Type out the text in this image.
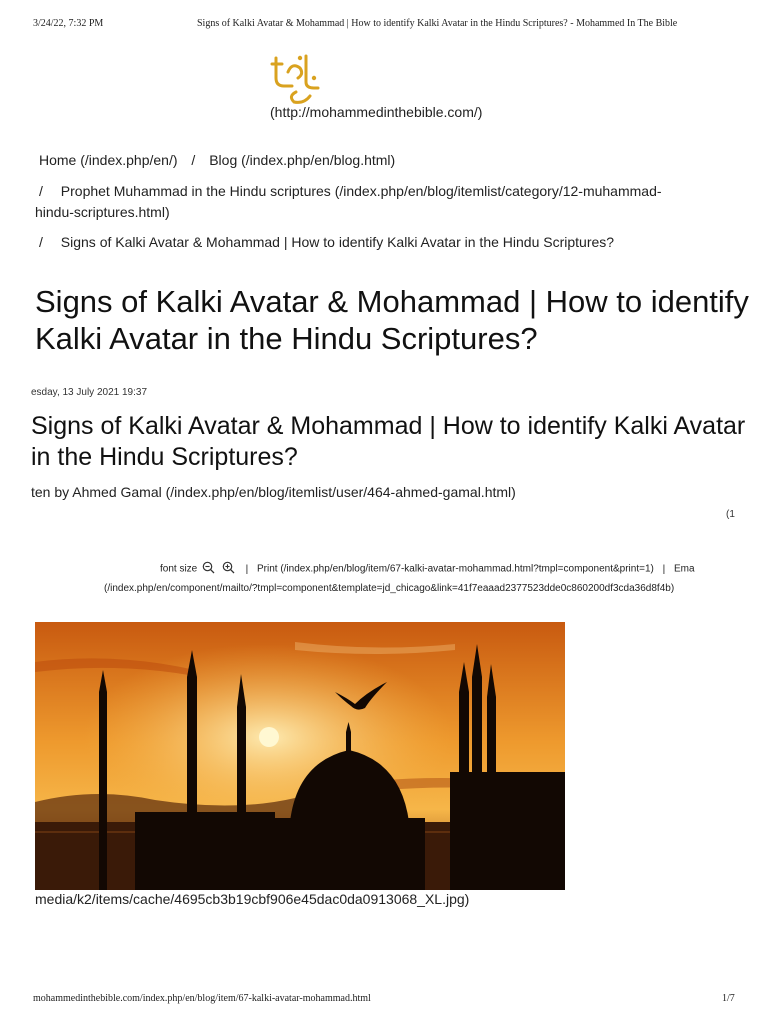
3/24/22, 7:32 PM	Signs of Kalki Avatar & Mohammad | How to identify Kalki Avatar in the Hindu Scriptures? - Mohammed In The Bible
(http://mohammedinthebible.com/)
Home (/index.php/en/) / Blog (/index.php/en/blog.html)
/ Prophet Muhammad in the Hindu scriptures (/index.php/en/blog/itemlist/category/12-muhammad-
hindu-scriptures.html)
/ Signs of Kalki Avatar & Mohammad | How to identify Kalki Avatar in the Hindu Scriptures?
Signs of Kalki Avatar & Mohammad | How to identify Kalki Avatar in the Hindu Scriptures?
esday, 13 July 2021 19:37
Signs of Kalki Avatar & Mohammad | How to identify Kalki Avatar in the Hindu Scriptures?
ten by Ahmed Gamal (/index.php/en/blog/itemlist/user/464-ahmed-gamal.html)
(1
font size	| Print (/index.php/en/blog/item/67-kalki-avatar-mohammad.html?tmpl=component&print=1) | Ema
(/index.php/en/component/mailto/?tmpl=component&template=jd_chicago&link=41f7eaaad2377523dde0c860200df3cda36d8f4b)
media/k2/items/cache/4695cb3b19cbf906e45dac0da0913068_XL.jpg)
mohammedinthebible.com/index.php/en/blog/item/67-kalki-avatar-mohammad.html	1/7
